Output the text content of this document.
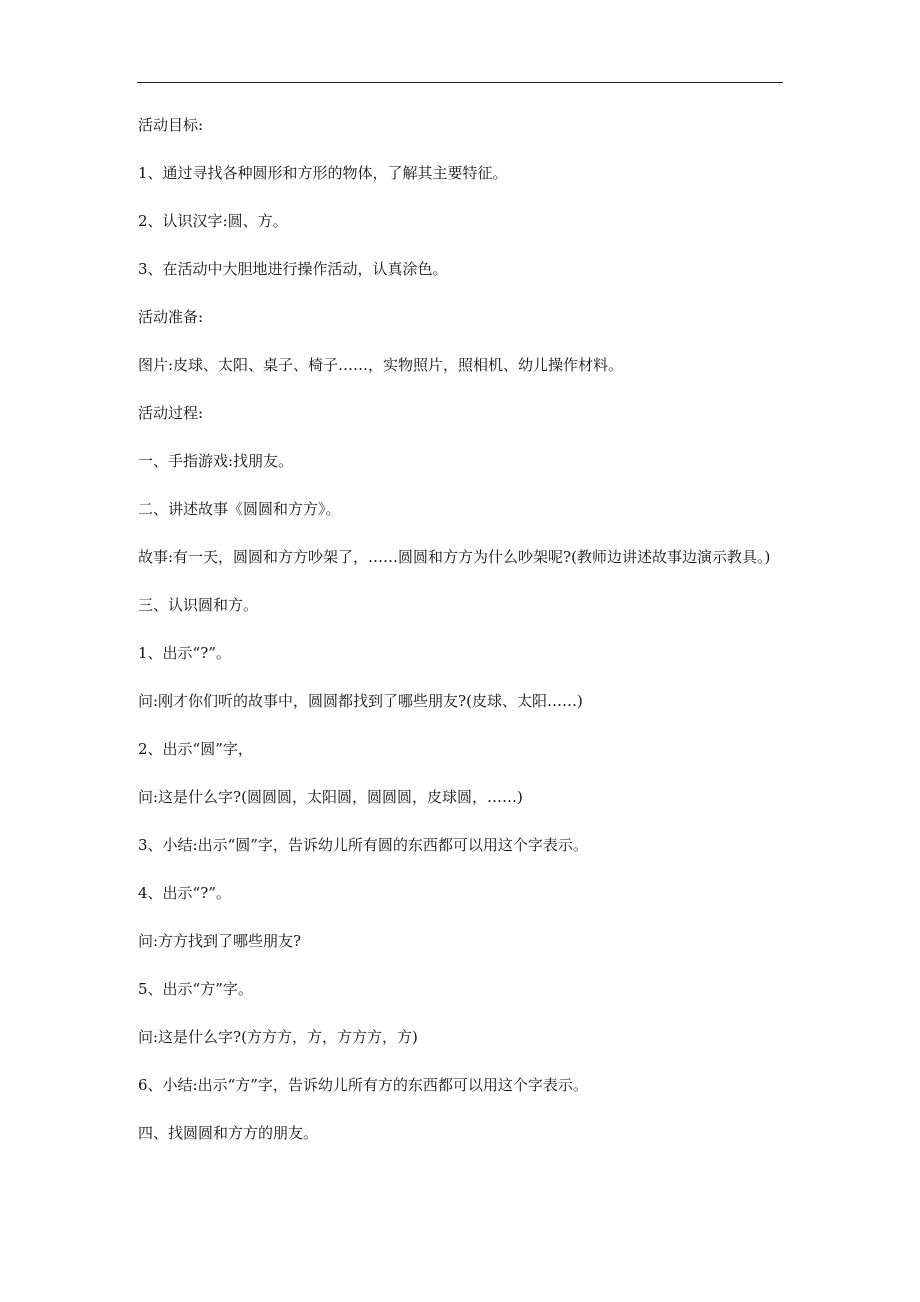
活动目标:

1、通过寻找各种圆形和方形的物体，了解其主要特征。

2、认识汉字:圆、方。

3、在活动中大胆地进行操作活动，认真涂色。

活动准备:

图片:皮球、太阳、桌子、椅子……，实物照片，照相机、幼儿操作材料。

活动过程:

一、手指游戏:找朋友。

二、讲述故事《圆圆和方方》。

故事:有一天，圆圆和方方吵架了，……圆圆和方方为什么吵架呢?(教师边讲述故事边演示教具。)

三、认识圆和方。

1、出示“?”。

问:刚才你们听的故事中，圆圆都找到了哪些朋友?(皮球、太阳……)

2、出示“圆”字，

问:这是什么字?(圆圆圆，太阳圆，圆圆圆，皮球圆，……)

3、小结:出示“圆”字，告诉幼儿所有圆的东西都可以用这个字表示。

4、出示“?”。

问:方方找到了哪些朋友?

5、出示“方”字。

问:这是什么字?(方方方，方，方方方，方)

6、小结:出示“方”字，告诉幼儿所有方的东西都可以用这个字表示。

四、找圆圆和方方的朋友。
